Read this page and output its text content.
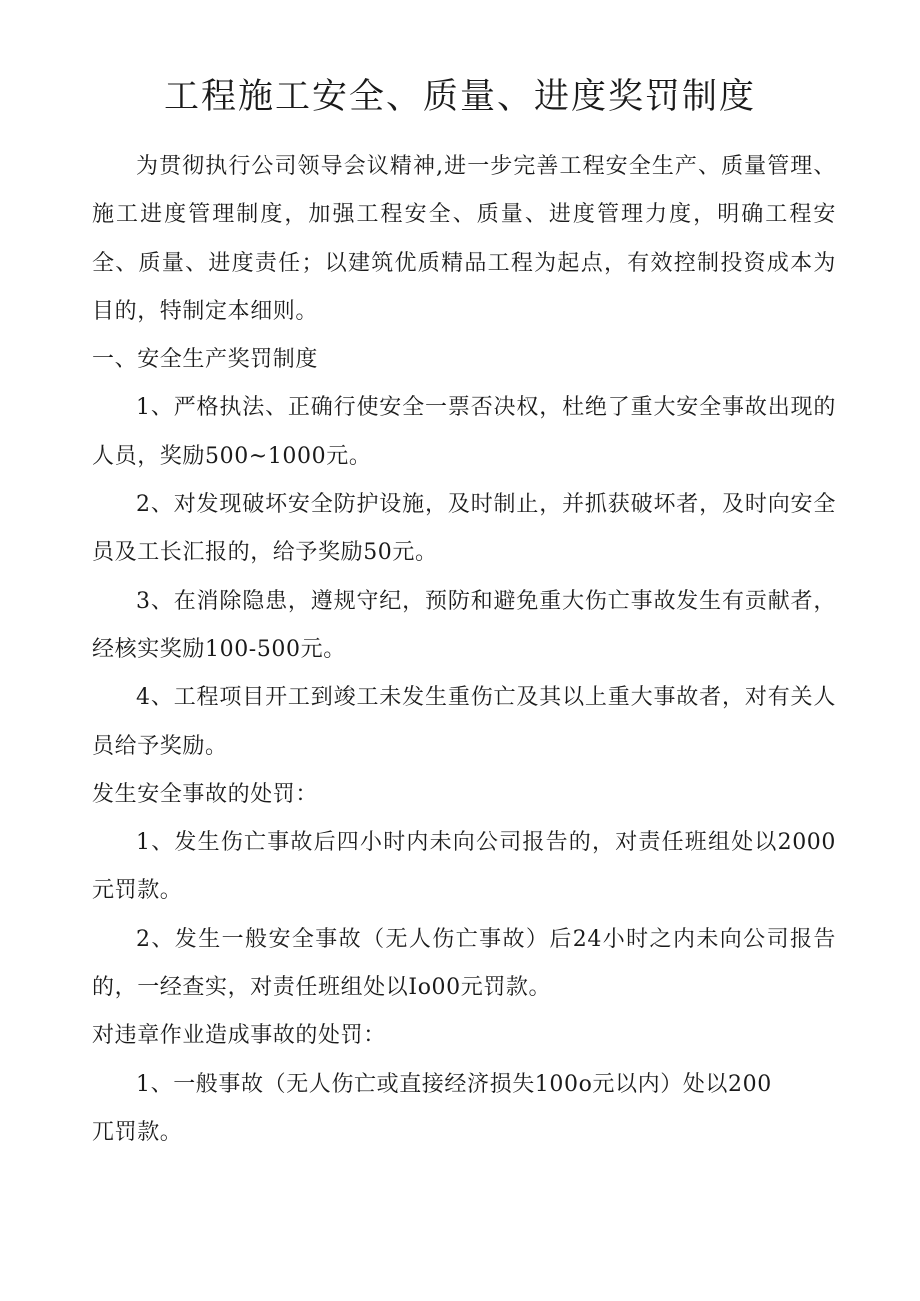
工程施工安全、质量、进度奖罚制度

为贯彻执行公司领导会议精神,进一步完善工程安全生产、质量管理、施工进度管理制度，加强工程安全、质量、进度管理力度，明确工程安全、质量、进度责任；以建筑优质精品工程为起点，有效控制投资成本为目的，特制定本细则。

一、安全生产奖罚制度

1、严格执法、正确行使安全一票否决权，杜绝了重大安全事故出现的人员，奖励500~1000元。

2、对发现破坏安全防护设施，及时制止，并抓获破坏者，及时向安全员及工长汇报的，给予奖励50元。

3、在消除隐患，遵规守纪，预防和避免重大伤亡事故发生有贡献者，经核实奖励100-500元。

4、工程项目开工到竣工未发生重伤亡及其以上重大事故者，对有关人员给予奖励。

发生安全事故的处罚：

1、发生伤亡事故后四小时内未向公司报告的，对责任班组处以2000元罚款。

2、发生一般安全事故（无人伤亡事故）后24小时之内未向公司报告的，一经查实，对责任班组处以Io00元罚款。

对违章作业造成事故的处罚：

1、一般事故（无人伤亡或直接经济损失100o元以内）处以200

兀罚款。
